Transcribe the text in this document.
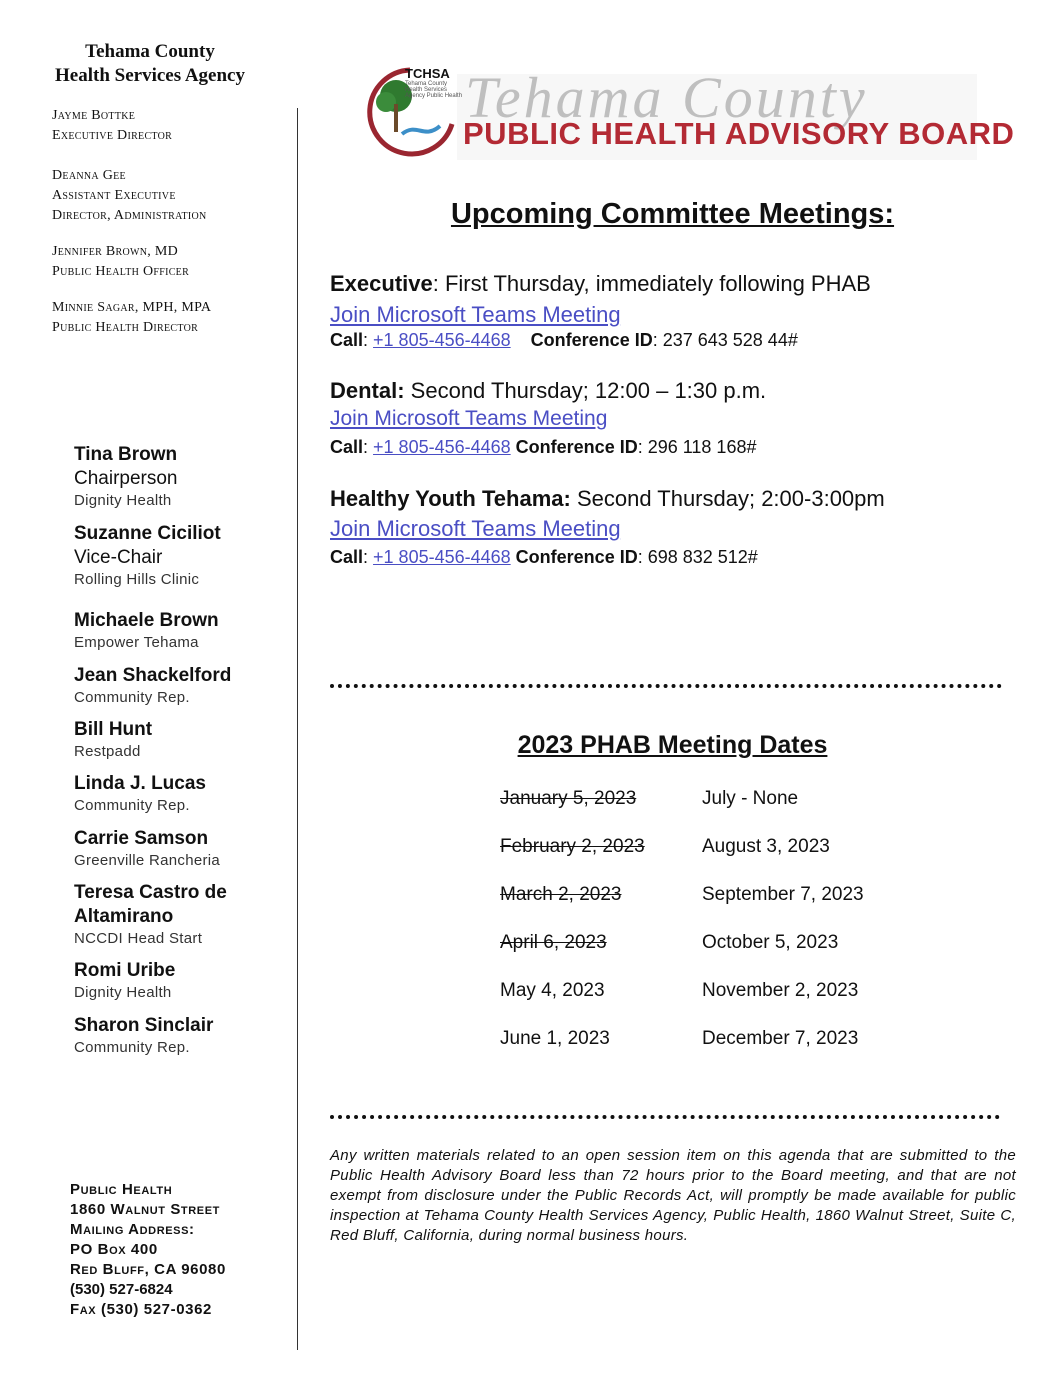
Tehama County
Health Services Agency
Jayme Bottke
Executive Director
Deanna Gee
Assistant Executive
Director, Administration
Jennifer Brown, MD
Public Health Officer
Minnie Sagar, MPH, MPA
Public Health Director
Tina Brown
Chairperson
Dignity Health
Suzanne Ciciliot
Vice-Chair
Rolling Hills Clinic
Michaele Brown
Empower Tehama
Jean Shackelford
Community Rep.
Bill Hunt
Restpadd
Linda J. Lucas
Community Rep.
Carrie Samson
Greenville Rancheria
Teresa Castro de
Altamirano
NCCDI Head Start
Romi Uribe
Dignity Health
Sharon Sinclair
Community Rep.
Public Health
1860 Walnut Street
Mailing Address:
PO Box 400
Red Bluff, CA 96080
(530) 527-6824
Fax (530) 527-0362
TCHSA
Tehama County Health Services Agency Public Health Tehama County
PUBLIC HEALTH ADVISORY BOARD
Upcoming Committee Meetings:
Executive: First Thursday, immediately following PHAB
Join Microsoft Teams Meeting
Call: +1 805-456-4468 Conference ID: 237 643 528 44#
Dental: Second Thursday; 12:00 – 1:30 p.m.
Join Microsoft Teams Meeting
Call: +1 805-456-4468 Conference ID: 296 118 168#
Healthy Youth Tehama: Second Thursday; 2:00-3:00pm
Join Microsoft Teams Meeting
Call: +1 805-456-4468 Conference ID: 698 832 512#
2023 PHAB Meeting Dates
January 5, 2023
February 2, 2023
March 2, 2023
April 6, 2023
May 4, 2023
June 1, 2023
July - None
August 3, 2023
September 7, 2023
October 5, 2023
November 2, 2023
December 7, 2023
Any written materials related to an open session item on this agenda that are submitted to the Public Health Advisory Board less than 72 hours prior to the Board meeting, and that are not exempt from disclosure under the Public Records Act, will promptly be made available for public inspection at Tehama County Health Services Agency, Public Health, 1860 Walnut Street, Suite C, Red Bluff, California, during normal business hours.
